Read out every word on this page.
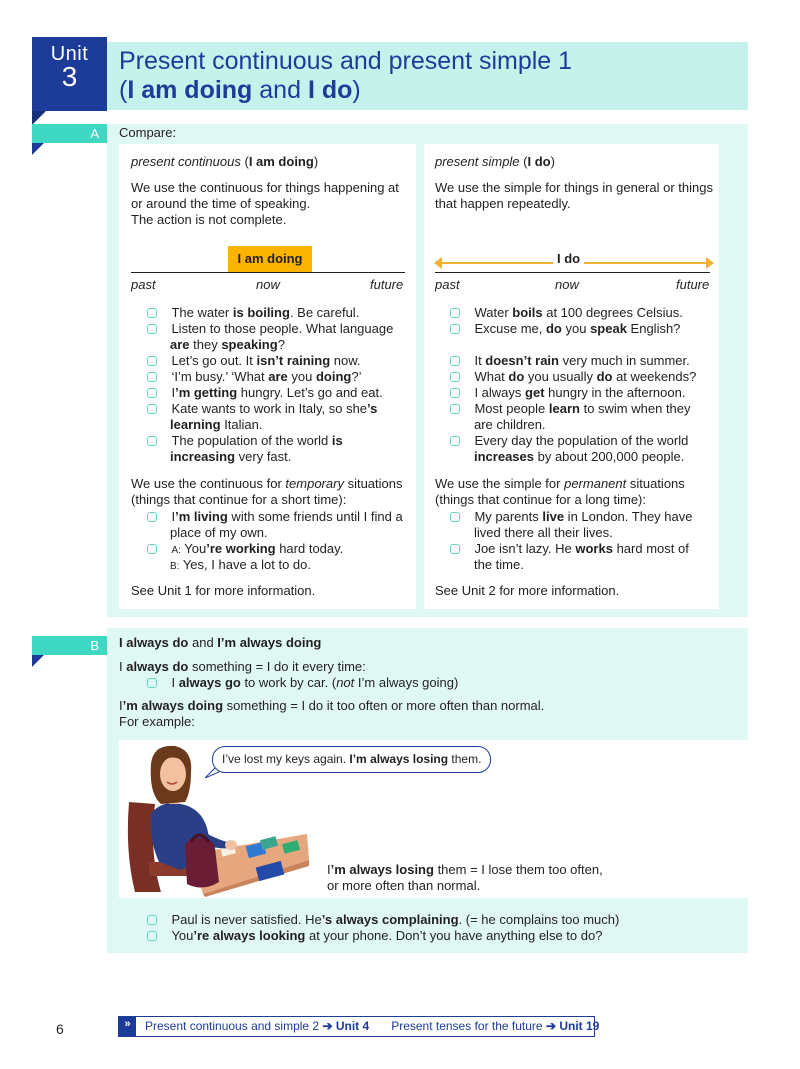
Unit
3	Present continuous and present simple 1
(I am doing and I do)
A	Compare:
present continuous (I am doing)
We use the continuous for things happening at
or around the time of speaking.
The action is not complete.
I am doing
past	now	future
The water is boiling. Be careful.
Listen to those people. What language
are they speaking?
Let’s go out. It isn’t raining now.
‘I’m busy.’ ‘What are you doing?’
I’m getting hungry. Let’s go and eat.
Kate wants to work in Italy, so she’s
learning Italian.
The population of the world is
increasing very fast.
We use the continuous for temporary situations
(things that continue for a short time):
I’m living with some friends until I find a
place of my own.
A: You’re working hard today.
B: Yes, I have a lot to do.
See Unit 1 for more information.
present simple (I do)
We use the simple for things in general or things
that happen repeatedly.
I do
past	now	future
Water boils at 100 degrees Celsius.
Excuse me, do you speak English?
It doesn’t rain very much in summer.
What do you usually do at weekends?
I always get hungry in the afternoon.
Most people learn to swim when they
are children.
Every day the population of the world
increases by about 200,000 people.
We use the simple for permanent situations
(things that continue for a long time):
My parents live in London. They have
lived there all their lives.
Joe isn’t lazy. He works hard most of
the time.
See Unit 2 for more information.
B	I always do and I’m always doing
I always do something = I do it every time:
I always go to work by car. (not I’m always going)
I’m always doing something = I do it too often or more often than normal.
For example:
I’ve lost my keys again. I’m always losing them.
I’m always losing them = I lose them too often,
or more often than normal.
Paul is never satisfied. He’s always complaining. (= he complains too much)
You’re always looking at your phone. Don’t you have anything else to do?
6	»	Present continuous and simple 2 ➔ Unit 4 Present tenses for the future ➔ Unit 19
